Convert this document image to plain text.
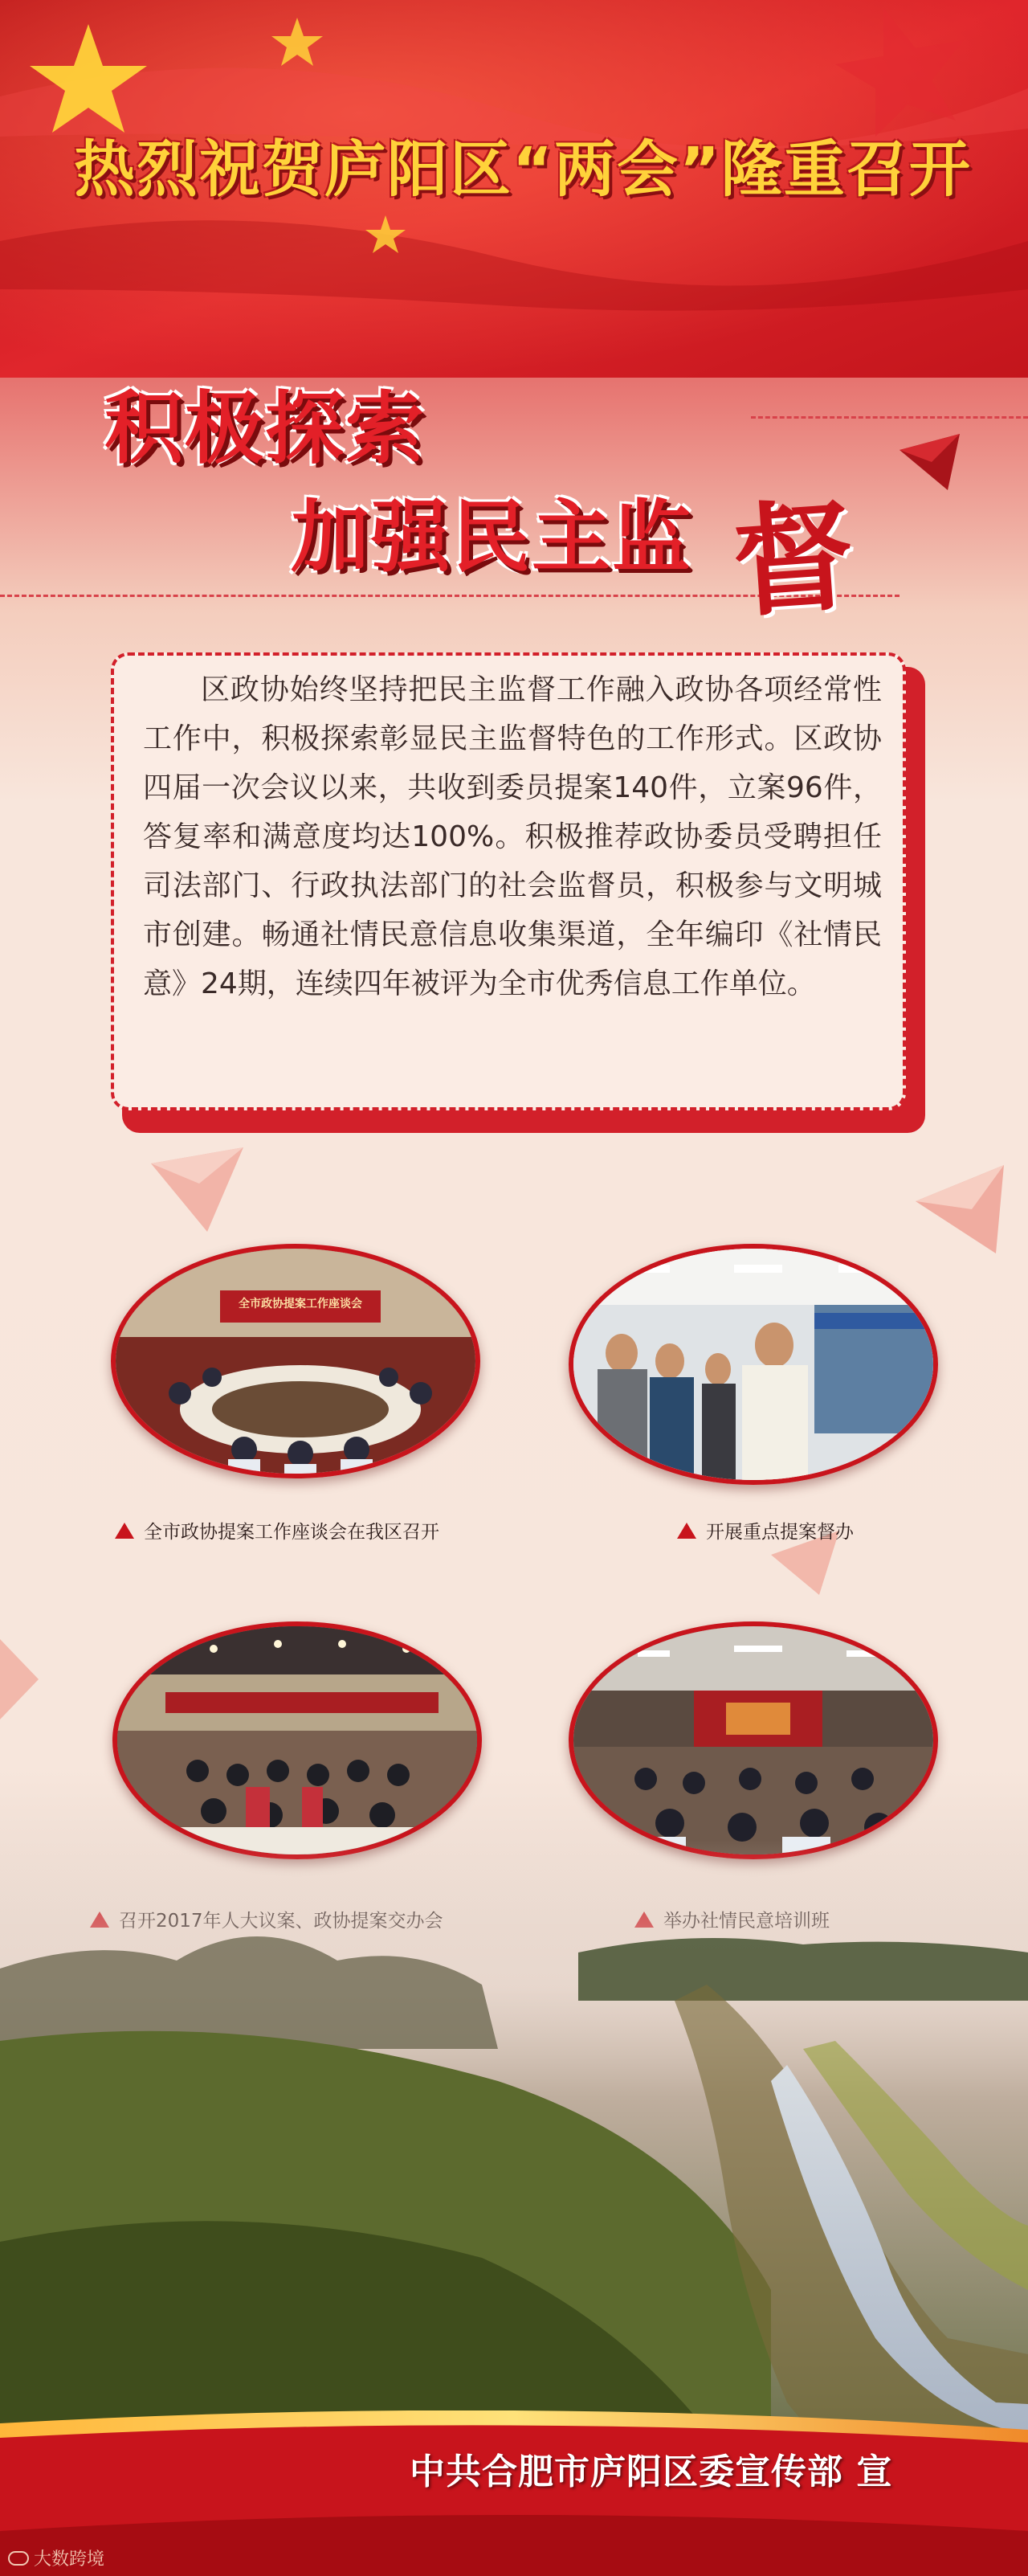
热烈祝贺庐阳区“两会”隆重召开
积极探索
加强民主监 督
区政协始终坚持把民主监督工作融入政协各项经常性工作中，积极探索彰显民主监督特色的工作形式。区政协四届一次会议以来，共收到委员提案140件，立案96件，答复率和满意度均达100%。积极推荐政协委员受聘担任司法部门、行政执法部门的社会监督员，积极参与文明城市创建。畅通社情民意信息收集渠道，全年编印《社情民意》24期，连续四年被评为全市优秀信息工作单位。
全市政协提案工作座谈会
全市政协提案工作座谈会在我区召开	开展重点提案督办
中共合肥市庐阳区委宣传部 宣
大数跨境
